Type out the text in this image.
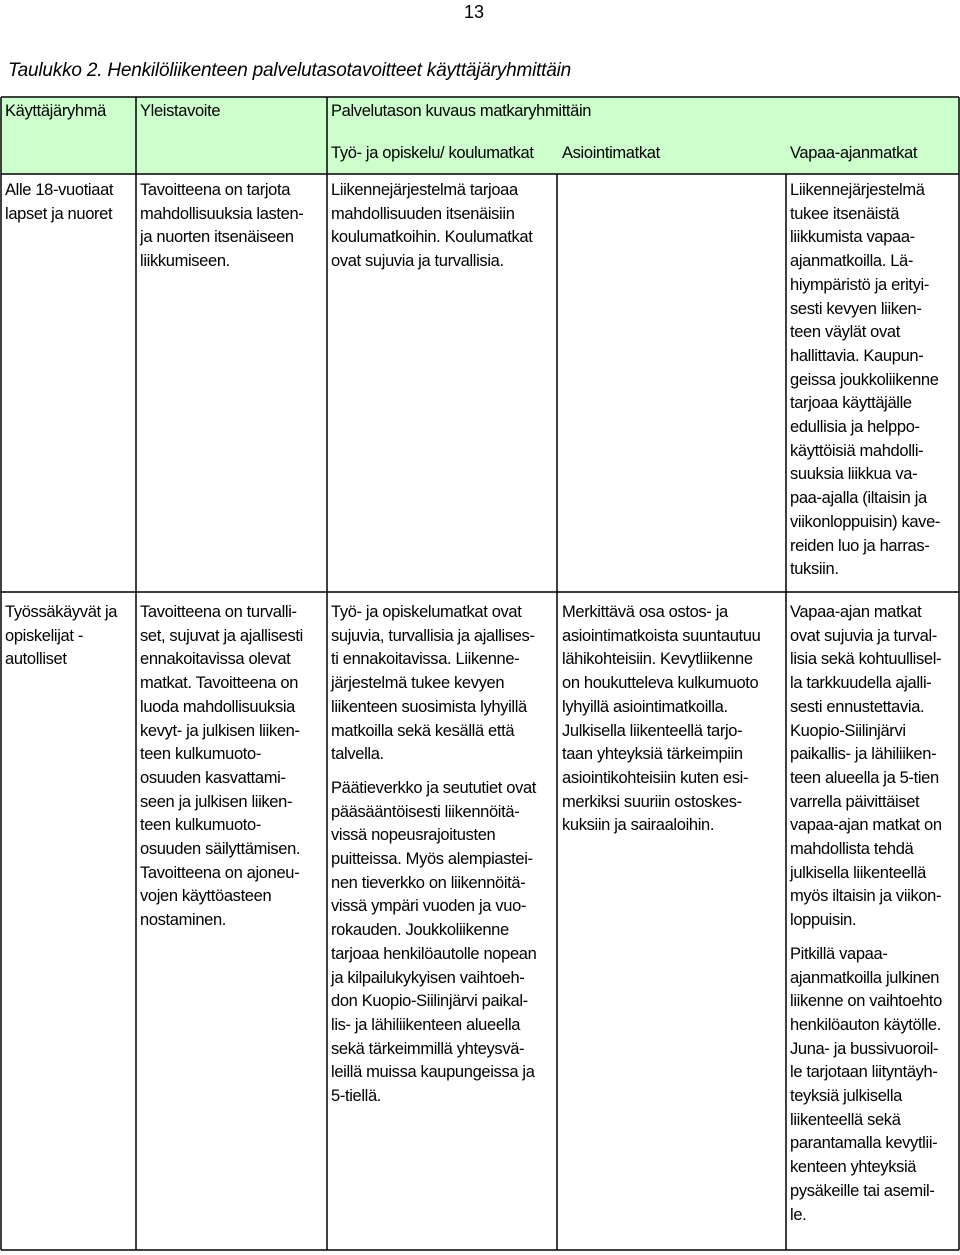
13
Taulukko 2. Henkilöliikenteen palvelutasotavoitteet käyttäjäryhmittäin
Käyttäjäryhmä Yleistavoite	Palvelutason kuvaus matkaryhmittäin
Työ- ja opiskelu/ koulumatkat Asiointimatkat	Vapaa-ajanmatkat
Alle 18-vuotiaat
lapset ja nuoret
Tavoitteena on tarjota
mahdollisuuksia lasten-
ja nuorten itsenäiseen
liikkumiseen.
Liikennejärjestelmä tarjoaa
mahdollisuuden itsenäisiin
koulumatkoihin. Koulumatkat
ovat sujuvia ja turvallisia.
Liikennejärjestelmä
tukee itsenäistä
liikkumista vapaa-
ajanmatkoilla. Lä-
hiympäristö ja erityi-
sesti kevyen liiken-
teen väylät ovat
hallittavia. Kaupun-
geissa joukkoliikenne
tarjoaa käyttäjälle
edullisia ja helppo-
käyttöisiä mahdolli-
suuksia liikkua va-
paa-ajalla (iltaisin ja
viikonloppuisin) kave-
reiden luo ja harras-
tuksiin.
Työssäkäyvät ja
opiskelijat -
autolliset
Tavoitteena on turvalli-
set, sujuvat ja ajallisesti
ennakoitavissa olevat
matkat. Tavoitteena on
luoda mahdollisuuksia
kevyt- ja julkisen liiken-
teen kulkumuoto-
osuuden kasvattami-
seen ja julkisen liiken-
teen kulkumuoto-
osuuden säilyttämisen.
Tavoitteena on ajoneu-
vojen käyttöasteen
nostaminen.
Työ- ja opiskelumatkat ovat
sujuvia, turvallisia ja ajallises-
ti ennakoitavissa. Liikenne-
järjestelmä tukee kevyen
liikenteen suosimista lyhyillä
matkoilla sekä kesällä että
talvella.
Päätieverkko ja seututiet ovat
pääsääntöisesti liikennöitä-
vissä nopeusrajoitusten
puitteissa. Myös alempiastei-
nen tieverkko on liikennöitä-
vissä ympäri vuoden ja vuo-
rokauden. Joukkoliikenne
tarjoaa henkilöautolle nopean
ja kilpailukykyisen vaihtoeh-
don Kuopio-Siilinjärvi paikal-
lis- ja lähiliikenteen alueella
sekä tärkeimmillä yhteysvä-
leillä muissa kaupungeissa ja
5-tiellä.
Merkittävä osa ostos- ja
asiointimatkoista suuntautuu
lähikohteisiin. Kevytliikenne
on houkutteleva kulkumuoto
lyhyillä asiointimatkoilla.
Julkisella liikenteellä tarjo-
taan yhteyksiä tärkeimpiin
asiointikohteisiin kuten esi-
merkiksi suuriin ostoskes-
kuksiin ja sairaaloihin.
Vapaa-ajan matkat
ovat sujuvia ja turval-
lisia sekä kohtuullisel-
la tarkkuudella ajalli-
sesti ennustettavia.
Kuopio-Siilinjärvi
paikallis- ja lähiliiken-
teen alueella ja 5-tien
varrella päivittäiset
vapaa-ajan matkat on
mahdollista tehdä
julkisella liikenteellä
myös iltaisin ja viikon-
loppuisin.
Pitkillä vapaa-
ajanmatkoilla julkinen
liikenne on vaihtoehto
henkilöauton käytölle.
Juna- ja bussivuoroil-
le tarjotaan liityntäyh-
teyksiä julkisella
liikenteellä sekä
parantamalla kevytlii-
kenteen yhteyksiä
pysäkeille tai asemil-
le.
